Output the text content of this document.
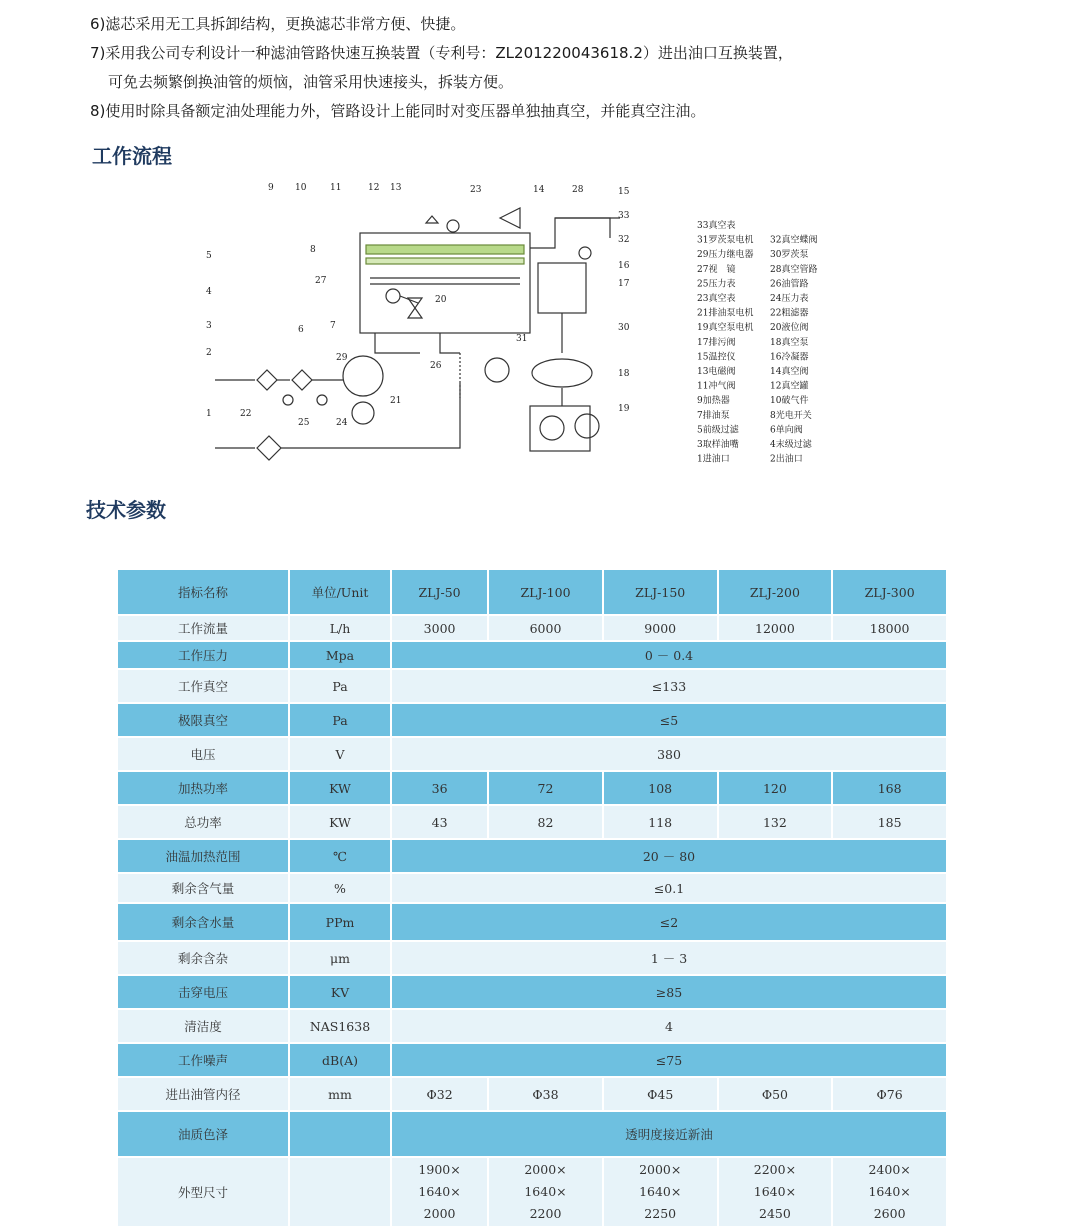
6)滤芯采用无工具拆卸结构，更换滤芯非常方便、快捷。

7)采用我公司专利设计一种滤油管路快速互换装置（专利号：ZL201220043618.2）进出油口互换装置，

可免去频繁倒换油管的烦恼，油管采用快速接头，拆装方便。

8)使用时除具备额定油处理能力外，管路设计上能同时对变压器单独抽真空，并能真空注油。

工作流程
9 10	11	12 13	23	14	28	15
33
32
16
17
30
18
19
8
27
5
4
3
2
1
6	7
29
20
31
26
21
25	24
22
33真空表
31罗茨泵电机 32真空蝶阀
29压力继电器 30罗茨泵
27视　镜	28真空管路
25压力表	26油管路
23真空表	24压力表
21排油泵电机 22粗滤器
19真空泵电机 20液位阀
17排污阀	18真空泵
15温控仪	16冷凝器
13电磁阀	14真空阀
11冲气阀	12真空罐
9加热器	10破气件
7排油泵	8光电开关
5前级过滤	6单向阀
3取样油嘴	4末级过滤
1进油口	2出油口
技术参数
指标名称	单位/Unit	ZLJ-50	ZLJ-100	ZLJ-150	ZLJ-200	ZLJ-300
工作流量	L/h	3000	6000	9000	12000	18000
工作压力	Mpa	0 － 0.4				
工作真空	Pa	≤133				
极限真空	Pa	≤5				
电压	V	380				
加热功率	KW	36	72	108	120	168
总功率	KW	43	82	118	132	185
油温加热范围	℃	20 － 80				
剩余含气量	%	≤0.1				
剩余含水量	PPm	≤2				
剩余含杂	μm	1 － 3				
击穿电压	KV	≥85				
清洁度	NAS1638	4				
工作噪声	dB(A)	≤75				
进出油管内径	mm	Φ32	Φ38	Φ45	Φ50	Φ76
油质色泽		透明度接近新油				
外型尺寸		1900×
1640×
2000	2000×
1640×
2200	2000×
1640×
2250	2200×
1640×
2450	2400×
1640×
2600
